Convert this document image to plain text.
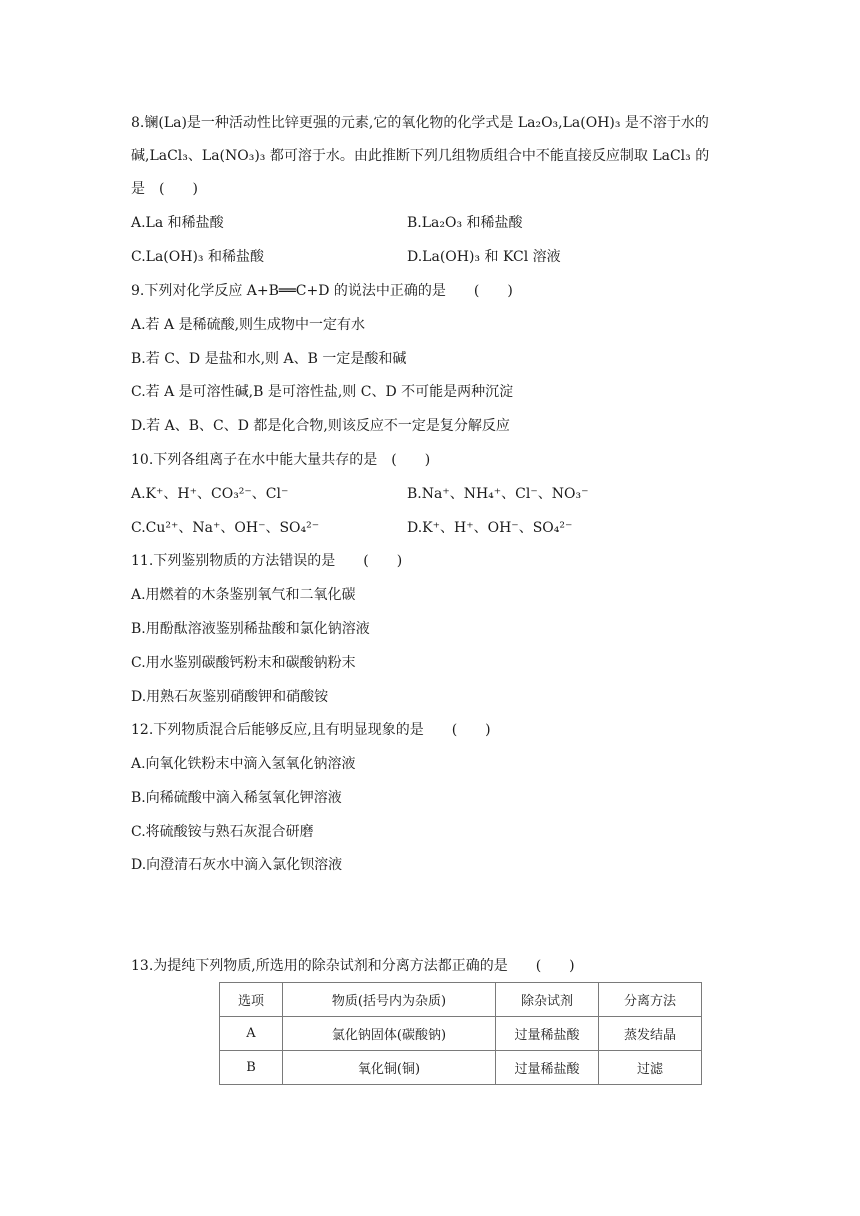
8.镧(La)是一种活动性比锌更强的元素,它的氧化物的化学式是 La₂O₃,La(OH)₃ 是不溶于水的
碱,LaCl₃、La(NO₃)₃ 都可溶于水。由此推断下列几组物质组合中不能直接反应制取 LaCl₃ 的
是　(　　)
A.La 和稀盐酸	B.La₂O₃ 和稀盐酸
C.La(OH)₃ 和稀盐酸	D.La(OH)₃ 和 KCl 溶液
9.下列对化学反应 A+B══C+D 的说法中正确的是　　(　　)
A.若 A 是稀硫酸,则生成物中一定有水
B.若 C、D 是盐和水,则 A、B 一定是酸和碱
C.若 A 是可溶性碱,B 是可溶性盐,则 C、D 不可能是两种沉淀
D.若 A、B、C、D 都是化合物,则该反应不一定是复分解反应
10.下列各组离子在水中能大量共存的是　(　　)
A.K⁺、H⁺、CO₃²⁻、Cl⁻	B.Na⁺、NH₄⁺、Cl⁻、NO₃⁻
C.Cu²⁺、Na⁺、OH⁻、SO₄²⁻	D.K⁺、H⁺、OH⁻、SO₄²⁻
11.下列鉴别物质的方法错误的是　　(　　)
A.用燃着的木条鉴别氧气和二氧化碳
B.用酚酞溶液鉴别稀盐酸和氯化钠溶液
C.用水鉴别碳酸钙粉末和碳酸钠粉末
D.用熟石灰鉴别硝酸钾和硝酸铵
12.下列物质混合后能够反应,且有明显现象的是　　(　　)
A.向氧化铁粉末中滴入氢氧化钠溶液
B.向稀硫酸中滴入稀氢氧化钾溶液
C.将硫酸铵与熟石灰混合研磨
D.向澄清石灰水中滴入氯化钡溶液
13.为提纯下列物质,所选用的除杂试剂和分离方法都正确的是　　(　　)
选项	物质(括号内为杂质)	除杂试剂	分离方法
A	氯化钠固体(碳酸钠)	过量稀盐酸	蒸发结晶
B	氧化铜(铜)	过量稀盐酸	过滤
